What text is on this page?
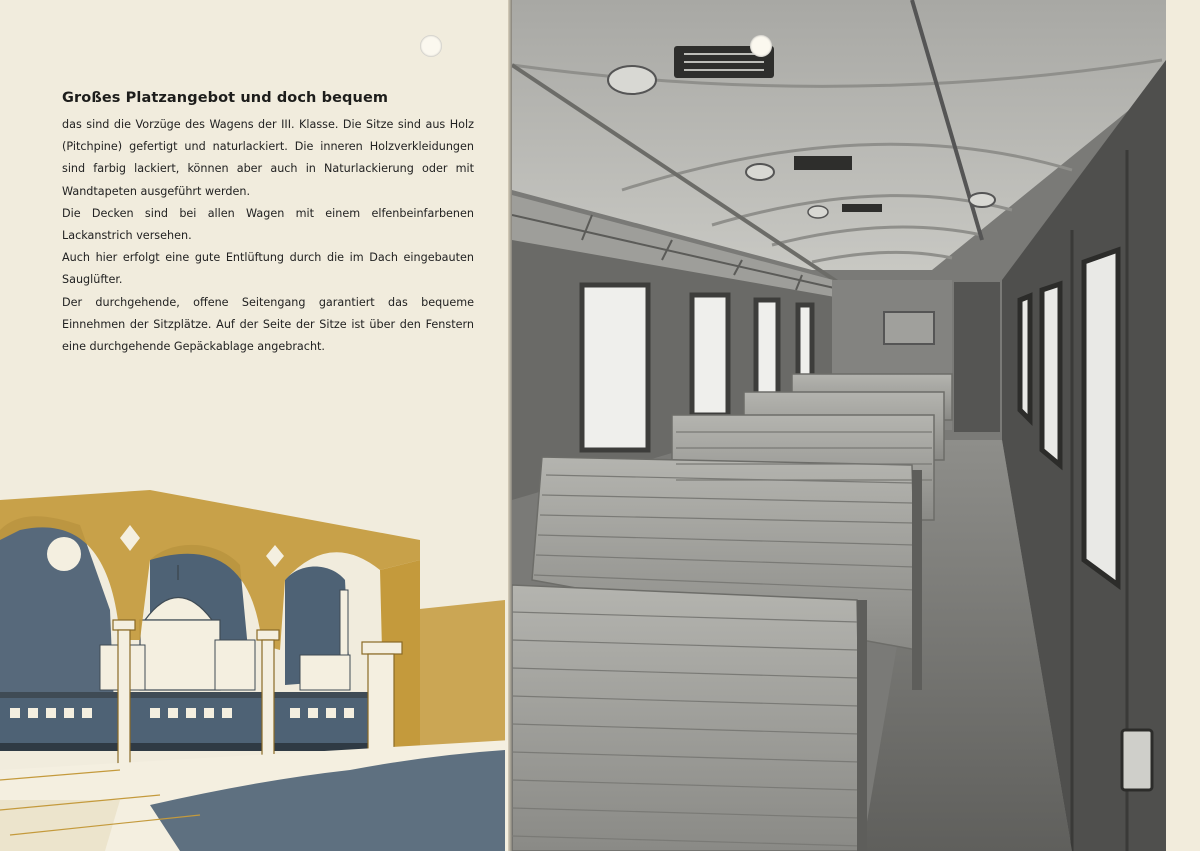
Großes Platzangebot und doch bequem

das sind die Vorzüge des Wagens der III. Klasse. Die Sitze sind aus Holz (Pitchpine) gefertigt und naturlackiert. Die inneren Holzverkleidungen sind farbig lackiert, können aber auch in Naturlackierung oder mit Wandtapeten ausgeführt werden.

Die Decken sind bei allen Wagen mit einem elfenbeinfarbenen Lackanstrich versehen.

Auch hier erfolgt eine gute Entlüftung durch die im Dach eingebauten Sauglüfter.

Der durchgehende, offene Seitengang garantiert das bequeme Einnehmen der Sitzplätze. Auf der Seite der Sitze ist über den Fenstern eine durchgehende Gepäckablage angebracht.
